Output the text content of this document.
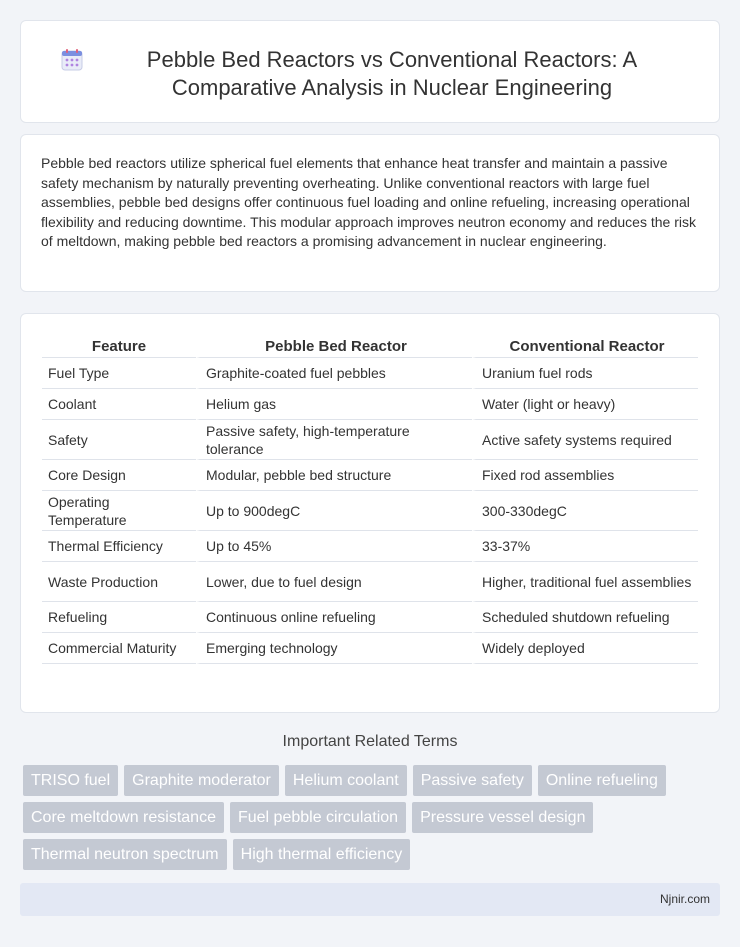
Pebble Bed Reactors vs Conventional Reactors: A Comparative Analysis in Nuclear Engineering

Pebble bed reactors utilize spherical fuel elements that enhance heat transfer and maintain a passive safety mechanism by naturally preventing overheating. Unlike conventional reactors with large fuel assemblies, pebble bed designs offer continuous fuel loading and online refueling, increasing operational flexibility and reducing downtime. This modular approach improves neutron economy and reduces the risk of meltdown, making pebble bed reactors a promising advancement in nuclear engineering.

Feature	Pebble Bed Reactor	Conventional Reactor
Fuel Type	Graphite-coated fuel pebbles	Uranium fuel rods
Coolant	Helium gas	Water (light or heavy)
Safety	Passive safety, high-temperature tolerance	Active safety systems required
Core Design	Modular, pebble bed structure	Fixed rod assemblies
Operating Temperature	Up to 900degC	300-330degC
Thermal Efficiency	Up to 45%	33-37%
Waste Production	Lower, due to fuel design	Higher, traditional fuel assemblies
Refueling	Continuous online refueling	Scheduled shutdown refueling
Commercial Maturity	Emerging technology	Widely deployed
Important Related Terms
TRISO fuel	Graphite moderator	Helium coolant	Passive safety	Online refueling
Core meltdown resistance	Fuel pebble circulation	Pressure vessel design
Thermal neutron spectrum	High thermal efficiency
Njnir.com
